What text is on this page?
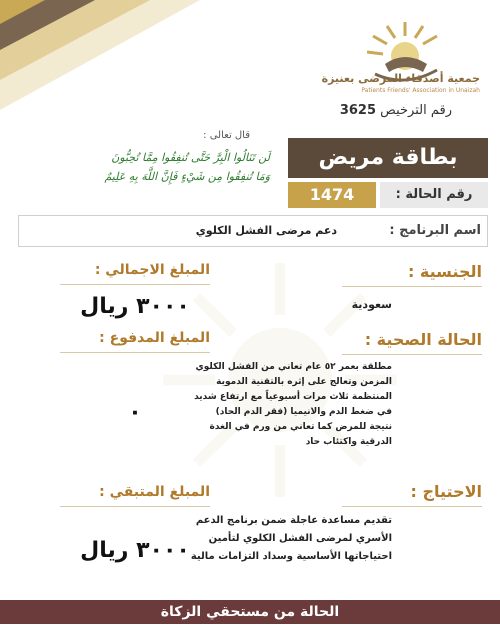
جمعية أصدقاء المرضى بعنيزة
Patients Friends' Association in Unaizah
رقم الترخيص 3625
قال تعالى :
لَن تَنَالُوا الْبِرَّ حَتَّى تُنفِقُوا مِمَّا تُحِبُّونَ
وَمَا تُنفِقُوا مِن شَيْءٍ فَإِنَّ اللَّهَ بِهِ عَلِيمٌ
بطاقة مريض
رقم الحالة :
1474
اسم البرنامج :
دعم مرضى الفشل الكلوي
الجنسية :
سعودية
المبلغ الاجمالي :
٣٠٠٠ ريال
الحالة الصحية :
مطلقة بعمر ٥٢ عام تعاني من الفشل الكلوي
المزمن وتعالج على إثره بالتقنية الدموية
المنتظمة ثلاث مرات أسبوعياً مع ارتفاع شديد
في ضغط الدم والانيميا (فقر الدم الحاد)
نتيجة للمرض كما تعاني من ورم في الغدة
الدرقية واكتئاب حاد
المبلغ المدفوع :
٠
الاحتياج :
تقديم مساعدة عاجلة ضمن برنامج الدعم
الأسري لمرضى الفشل الكلوي لتأمين
احتياجاتها الأساسية وسداد التزامات مالية
المبلغ المتبقي :
٣٠٠٠ ريال
الحالة من مستحقي الزكاة
